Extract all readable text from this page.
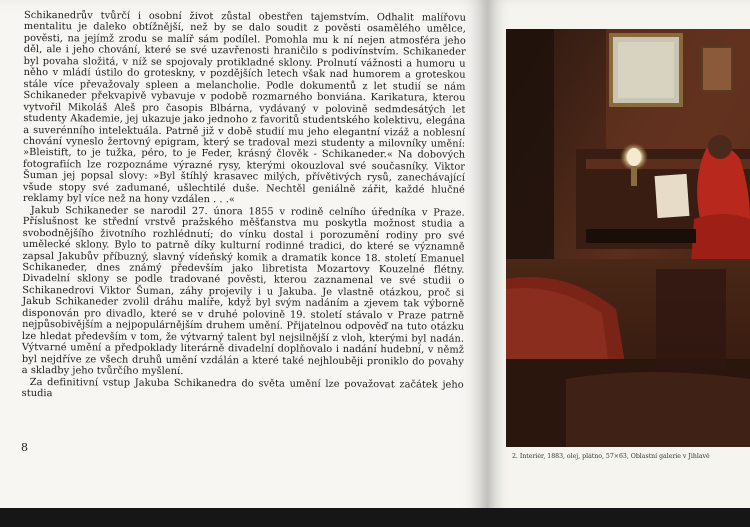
Schikanedrův tvůrčí i osobní život zůstal obestřen tajemstvím. Odhalit malířovu mentalitu je daleko obtížnější, než by se dalo soudit z pověsti osamělého umělce, pověsti, na jejímž zrodu se malíř sám podílel. Pomohla mu k ní nejen atmosféra jeho děl, ale i jeho chování, které se své uzavřenosti hraničilo s podivínstvím. Schikaneder byl povaha složitá, v níž se spojovaly protikladné sklony. Prolnutí vážnosti a humoru u něho v mládí ústilo do groteskny, v pozdějších letech však nad humorem a groteskou stále více převažovaly spleen a melancholie. Podle dokumentů z let studií se nám Schikaneder překvapivě vybavuje v podobě rozmarného bonviána. Karikatura, kterou vytvořil Mikoláš Aleš pro časopis Blbárna, vydávaný v polovině sedmdesátých let studenty Akademie, jej ukazuje jako jednoho z favoritů studentského kolektivu, elegána a suverénního intelektuála. Patrně již v době studií mu jeho elegantní vizáž a noblesní chování vyneslo žertovný epigram, který se tradoval mezi studenty a milovníky umění: »Bleistift, to je tužka, péro, to je Feder, krásný člověk - Schikaneder.« Na dobových fotografiích lze rozpoznáme výrazné rysy, kterými okouzloval své současníky. Viktor Šuman jej popsal slovy: »Byl štíhlý krasavec milých, přívětivých rysů, zanechávající všude stopy své zadumané, ušlechtilé duše. Nechtěl geniálně zářit, každé hlučné reklamy byl více než na hony vzdálen . . .«

Jakub Schikaneder se narodil 27. února 1855 v rodině celního úředníka v Praze. Příslušnost ke střední vrstvě pražského měšťanstva mu poskytla možnost studia a svobodnějšího životního rozhlédnutí; do vínku dostal i porozumění rodiny pro své umělecké sklony. Bylo to patrně díky kulturní rodinné tradici, do které se významně zapsal Jakubův příbuzný, slavný vídeňský komik a dramatik konce 18. století Emanuel Schikaneder, dnes známý především jako libretista Mozartovy Kouzelné flétny. Divadelní sklony se podle tradované pověsti, kterou zaznamenal ve své studii o Schikanedrovi Viktor Šuman, záhy projevily i u Jakuba. Je vlastně otázkou, proč si Jakub Schikaneder zvolil dráhu malíře, když byl svým nadáním a zjevem tak výborně disponován pro divadlo, které se v druhé polovině 19. století stávalo v Praze patrně nejpůsobivějším a nejpopulárnějším druhem umění. Přijatelnou odpověď na tuto otázku lze hledat především v tom, že výtvarný talent byl nejsilnější z vloh, kterými byl nadán. Výtvarné umění a předpoklady literárně divadelní doplňovalo i nadání hudební, v němž byl nejdříve ze všech druhů umění vzdálán a které také nejhlouběji proniklo do povahy a skladby jeho tvůrčího myšlení.

Za definitivní vstup Jakuba Schikanedra do světa umění lze považovat začátek jeho studia

8
2. Interiér, 1883, olej, plátno, 57×63, Oblastní galerie v Jihlavě
